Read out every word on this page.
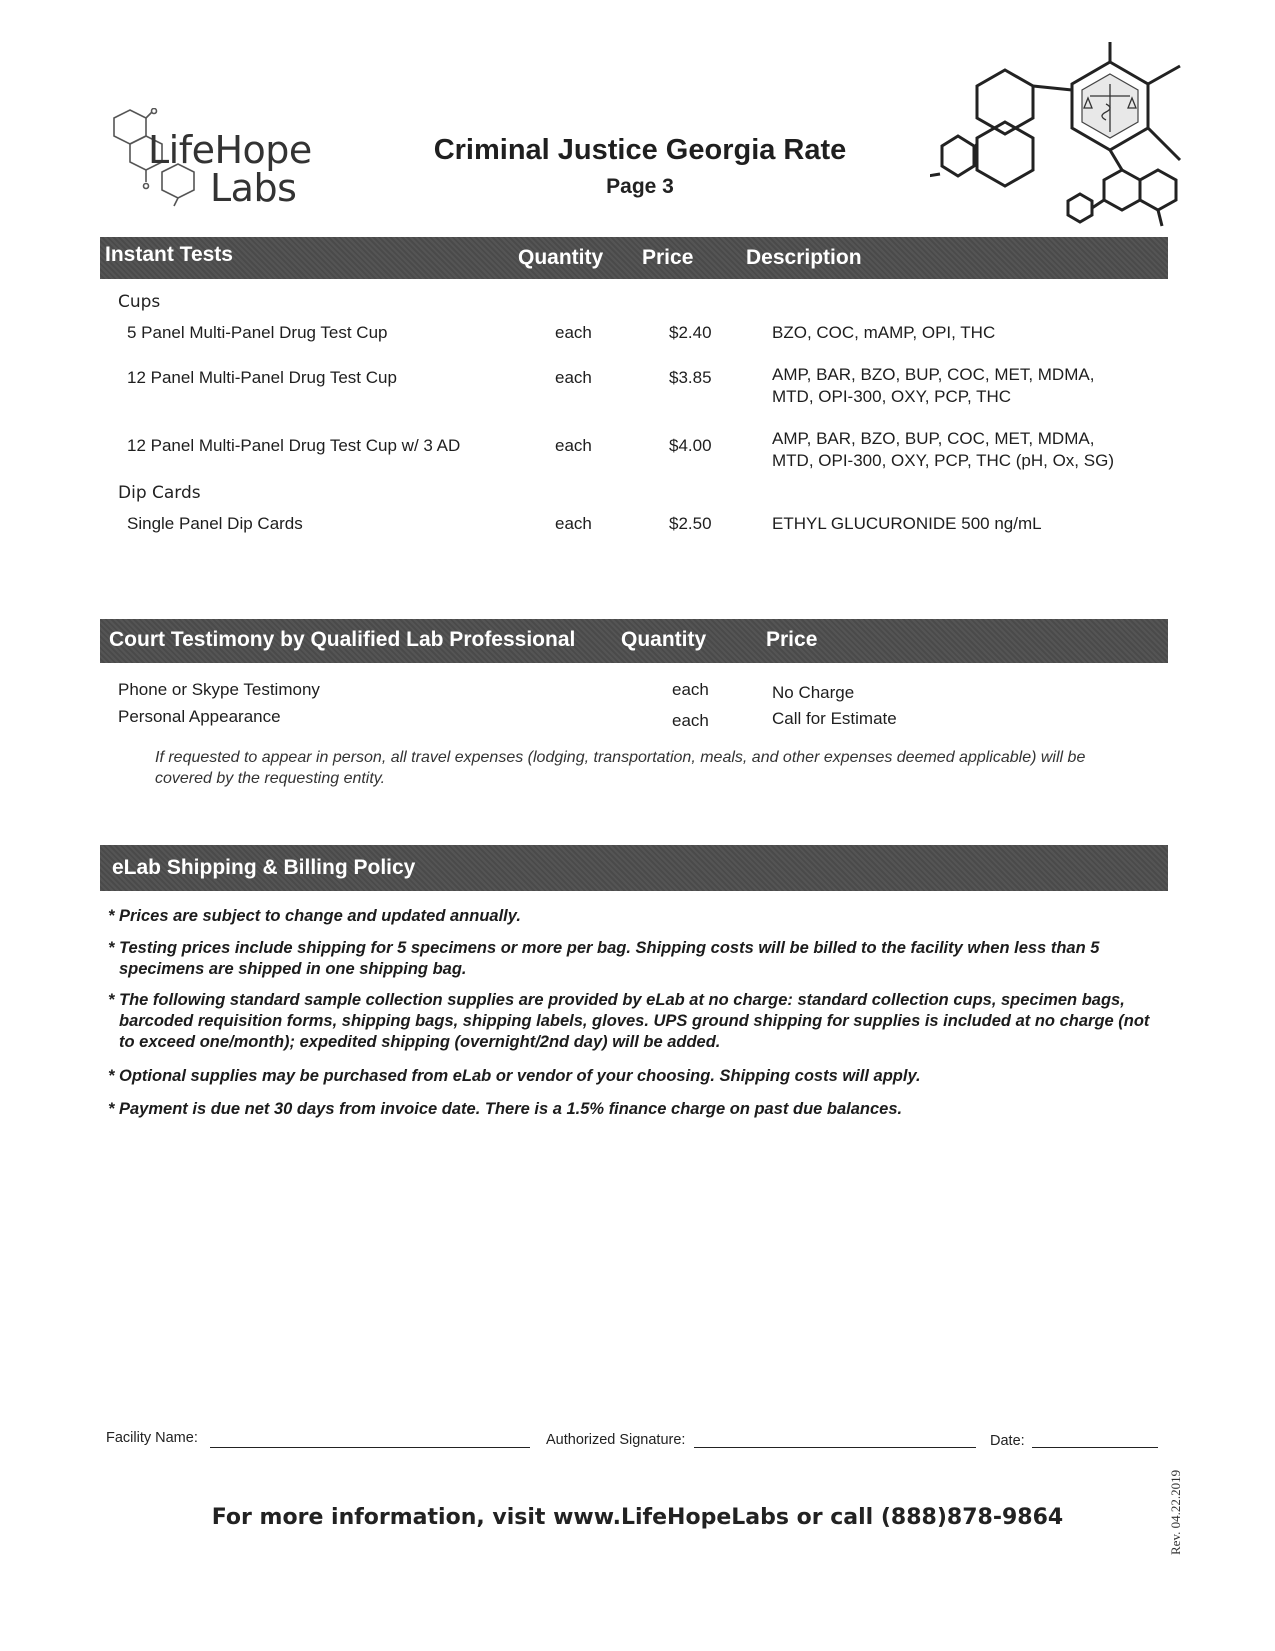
LifeHope
Labs
Criminal Justice Georgia Rate
Page 3
Instant Tests	Quantity Price	Description
Cups
5 Panel Multi-Panel Drug Test Cup	each	$2.40	BZO, COC, mAMP, OPI, THC
12 Panel Multi-Panel Drug Test Cup	each	$3.85	AMP, BAR, BZO, BUP, COC, MET, MDMA,
MTD, OPI-300, OXY, PCP, THC
12 Panel Multi-Panel Drug Test Cup w/ 3 AD	each	$4.00	AMP, BAR, BZO, BUP, COC, MET, MDMA,
MTD, OPI-300, OXY, PCP, THC (pH, Ox, SG)
Dip Cards
Single Panel Dip Cards	each	$2.50	ETHYL GLUCURONIDE 500 ng/mL
Court Testimony by Qualified Lab Professional Quantity	Price
Phone or Skype Testimony	each	No Charge
Personal Appearance	each	Call for Estimate
If requested to appear in person, all travel expenses (lodging, transportation, meals, and other expenses deemed applicable) will be covered by the requesting entity.
eLab Shipping & Billing Policy
* Prices are subject to change and updated annually.
* Testing prices include shipping for 5 specimens or more per bag. Shipping costs will be billed to the facility when less than 5 specimens are shipped in one shipping bag.
* The following standard sample collection supplies are provided by eLab at no charge: standard collection cups, specimen bags, barcoded requisition forms, shipping bags, shipping labels, gloves. UPS ground shipping for supplies is included at no charge (not to exceed one/month); expedited shipping (overnight/2nd day) will be added.
* Optional supplies may be purchased from eLab or vendor of your choosing. Shipping costs will apply.
* Payment is due net 30 days from invoice date. There is a 1.5% finance charge on past due balances.
Facility Name:	Authorized Signature:	Date:
For more information, visit www.LifeHopeLabs or call (888)878-9864	Rev. 04.22.2019
